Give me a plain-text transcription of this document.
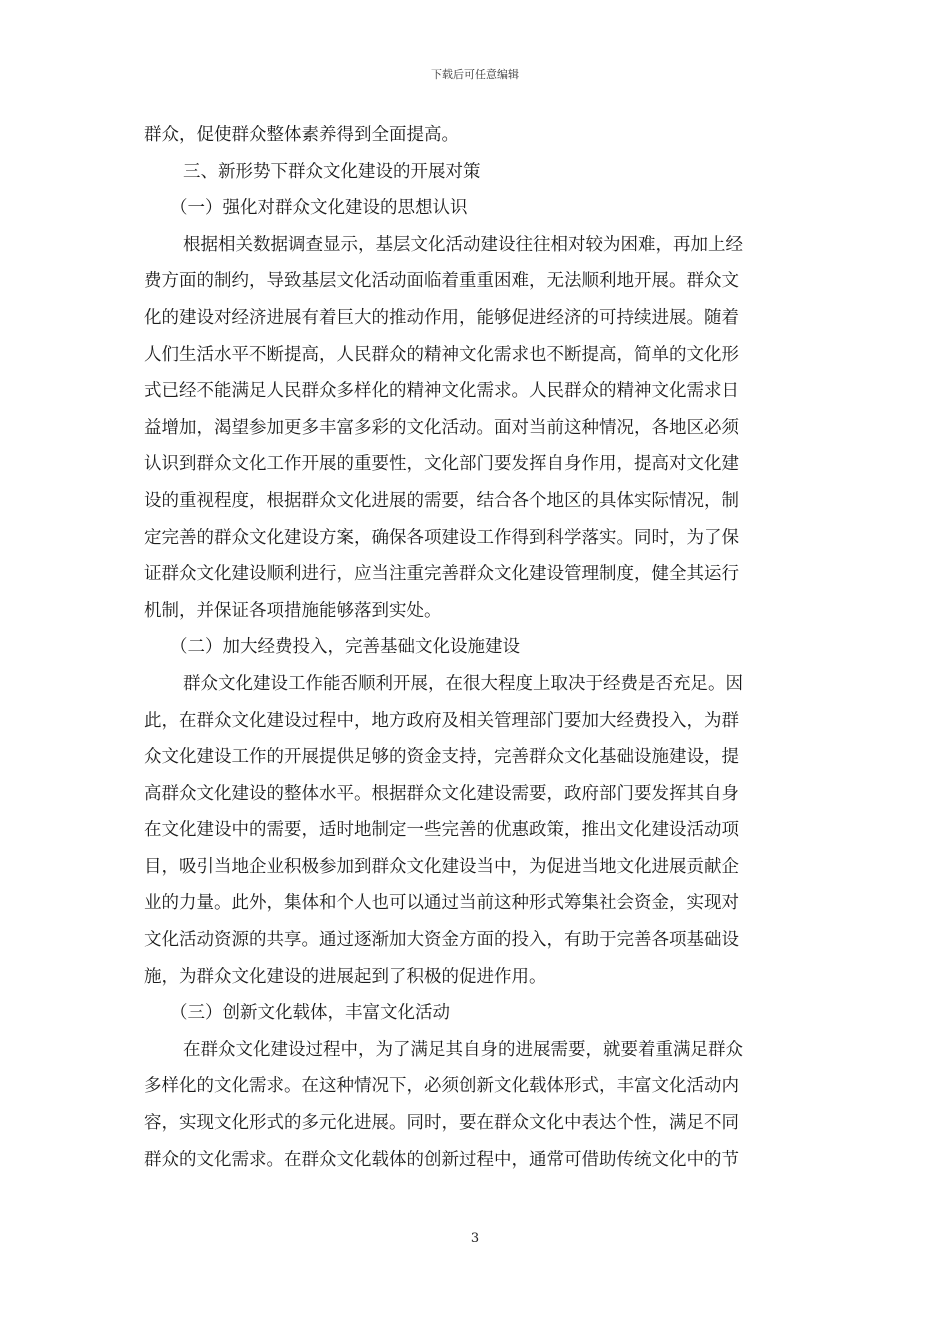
下载后可任意编辑
群众，促使群众整体素养得到全面提高。
三、新形势下群众文化建设的开展对策
（一）强化对群众文化建设的思想认识
根据相关数据调查显示，基层文化活动建设往往相对较为困难，再加上经
费方面的制约，导致基层文化活动面临着重重困难，无法顺利地开展。群众文
化的建设对经济进展有着巨大的推动作用，能够促进经济的可持续进展。随着
人们生活水平不断提高，人民群众的精神文化需求也不断提高，简单的文化形
式已经不能满足人民群众多样化的精神文化需求。人民群众的精神文化需求日
益增加，渴望参加更多丰富多彩的文化活动。面对当前这种情况，各地区必须
认识到群众文化工作开展的重要性，文化部门要发挥自身作用，提高对文化建
设的重视程度，根据群众文化进展的需要，结合各个地区的具体实际情况，制
定完善的群众文化建设方案，确保各项建设工作得到科学落实。同时，为了保
证群众文化建设顺利进行，应当注重完善群众文化建设管理制度，健全其运行
机制，并保证各项措施能够落到实处。
（二）加大经费投入，完善基础文化设施建设
群众文化建设工作能否顺利开展，在很大程度上取决于经费是否充足。因
此，在群众文化建设过程中，地方政府及相关管理部门要加大经费投入，为群
众文化建设工作的开展提供足够的资金支持，完善群众文化基础设施建设，提
高群众文化建设的整体水平。根据群众文化建设需要，政府部门要发挥其自身
在文化建设中的需要，适时地制定一些完善的优惠政策，推出文化建设活动项
目，吸引当地企业积极参加到群众文化建设当中，为促进当地文化进展贡献企
业的力量。此外，集体和个人也可以通过当前这种形式筹集社会资金，实现对
文化活动资源的共享。通过逐渐加大资金方面的投入，有助于完善各项基础设
施，为群众文化建设的进展起到了积极的促进作用。
（三）创新文化载体，丰富文化活动
在群众文化建设过程中，为了满足其自身的进展需要，就要着重满足群众
多样化的文化需求。在这种情况下，必须创新文化载体形式，丰富文化活动内
容，实现文化形式的多元化进展。同时，要在群众文化中表达个性，满足不同
群众的文化需求。在群众文化载体的创新过程中，通常可借助传统文化中的节
3
